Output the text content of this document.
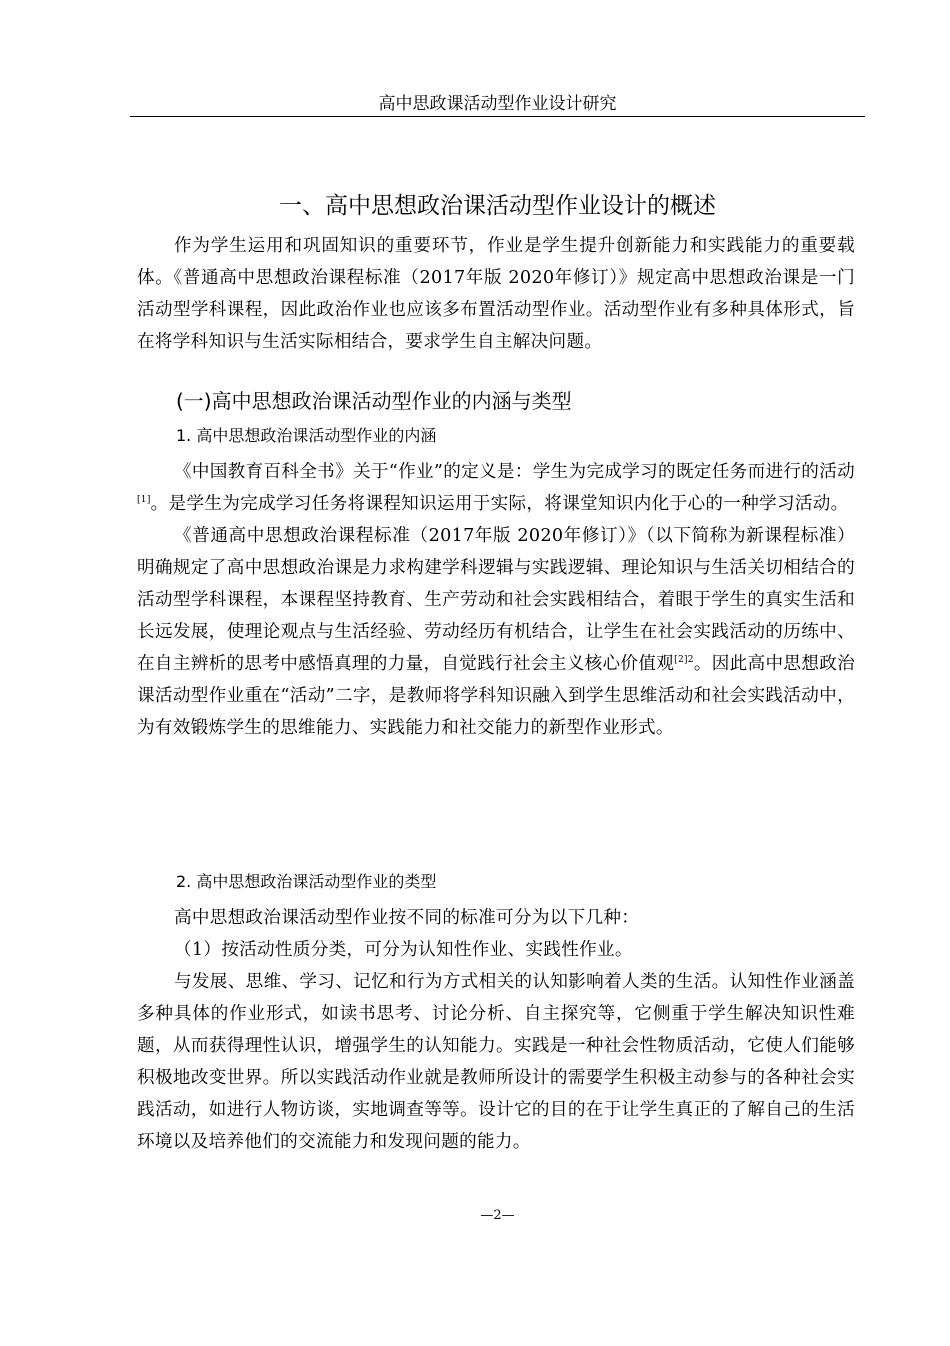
高中思政课活动型作业设计研究
一、高中思想政治课活动型作业设计的概述

作为学生运用和巩固知识的重要环节，作业是学生提升创新能力和实践能力的重要载体。《普通高中思想政治课程标准（2017年版 2020年修订）》规定高中思想政治课是一门活动型学科课程，因此政治作业也应该多布置活动型作业。活动型作业有多种具体形式，旨在将学科知识与生活实际相结合，要求学生自主解决问题。

(一)高中思想政治课活动型作业的内涵与类型
1. 高中思想政治课活动型作业的内涵

《中国教育百科全书》关于“作业”的定义是：学生为完成学习的既定任务而进行的活动[1]。是学生为完成学习任务将课程知识运用于实际，将课堂知识内化于心的一种学习活动。

《普通高中思想政治课程标准（2017年版 2020年修订）》（以下简称为新课程标准）明确规定了高中思想政治课是力求构建学科逻辑与实践逻辑、理论知识与生活关切相结合的活动型学科课程，本课程坚持教育、生产劳动和社会实践相结合，着眼于学生的真实生活和长远发展，使理论观点与生活经验、劳动经历有机结合，让学生在社会实践活动的历练中、在自主辨析的思考中感悟真理的力量，自觉践行社会主义核心价值观$^{[2]2}$。因此高中思想政治课活动型作业重在“活动”二字，是教师将学科知识融入到学生思维活动和社会实践活动中，为有效锻炼学生的思维能力、实践能力和社交能力的新型作业形式。

2. 高中思想政治课活动型作业的类型

高中思想政治课活动型作业按不同的标准可分为以下几种：

（1）按活动性质分类，可分为认知性作业、实践性作业。

与发展、思维、学习、记忆和行为方式相关的认知影响着人类的生活。认知性作业涵盖多种具体的作业形式，如读书思考、讨论分析、自主探究等，它侧重于学生解决知识性难题，从而获得理性认识，增强学生的认知能力。实践是一种社会性物质活动，它使人们能够积极地改变世界。所以实践活动作业就是教师所设计的需要学生积极主动参与的各种社会实践活动，如进行人物访谈，实地调查等等。设计它的目的在于让学生真正的了解自己的生活环境以及培养他们的交流能力和发现问题的能力。

—2—
